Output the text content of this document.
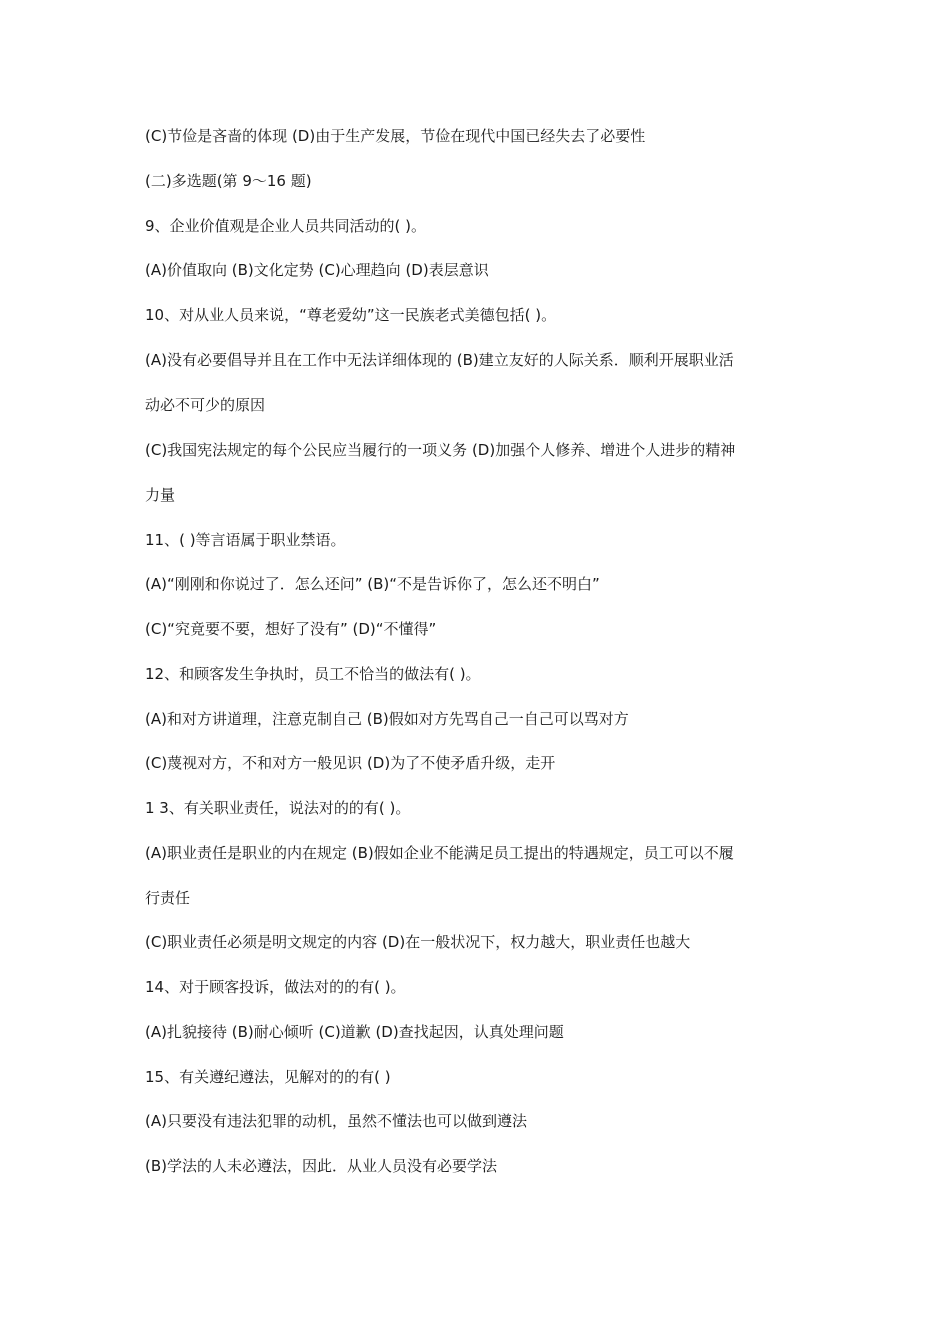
(C)节俭是吝啬的体现 (D)由于生产发展，节俭在现代中国已经失去了必要性
(二)多选题(第 9～16 题)
9、企业价值观是企业人员共同活动的( )。
(A)价值取向 (B)文化定势 (C)心理趋向 (D)表层意识
10、对从业人员来说，“尊老爱幼”这一民族老式美德包括( )。
(A)没有必要倡导并且在工作中无法详细体现的 (B)建立友好的人际关系．顺利开展职业活
动必不可少的原因
(C)我国宪法规定的每个公民应当履行的一项义务 (D)加强个人修养、增进个人进步的精神
力量
11、( )等言语属于职业禁语。
(A)“刚刚和你说过了．怎么还问” (B)“不是告诉你了，怎么还不明白”
(C)“究竟要不要，想好了没有” (D)“不懂得”
12、和顾客发生争执时，员工不恰当的做法有( )。
(A)和对方讲道理，注意克制自己 (B)假如对方先骂自己一自己可以骂对方
(C)蔑视对方，不和对方一般见识 (D)为了不使矛盾升级，走开
1 3、有关职业责任，说法对的的有( )。
(A)职业责任是职业的内在规定 (B)假如企业不能满足员工提出的特遇规定，员工可以不履
行责任
(C)职业责任必须是明文规定的内容 (D)在一般状况下，权力越大，职业责任也越大
14、对于顾客投诉，做法对的的有( )。
(A)扎貌接待 (B)耐心倾听 (C)道歉 (D)查找起因，认真处理问题
15、有关遵纪遵法，见解对的的有( )
(A)只要没有违法犯罪的动机，虽然不懂法也可以做到遵法
(B)学法的人未必遵法，因此．从业人员没有必要学法
